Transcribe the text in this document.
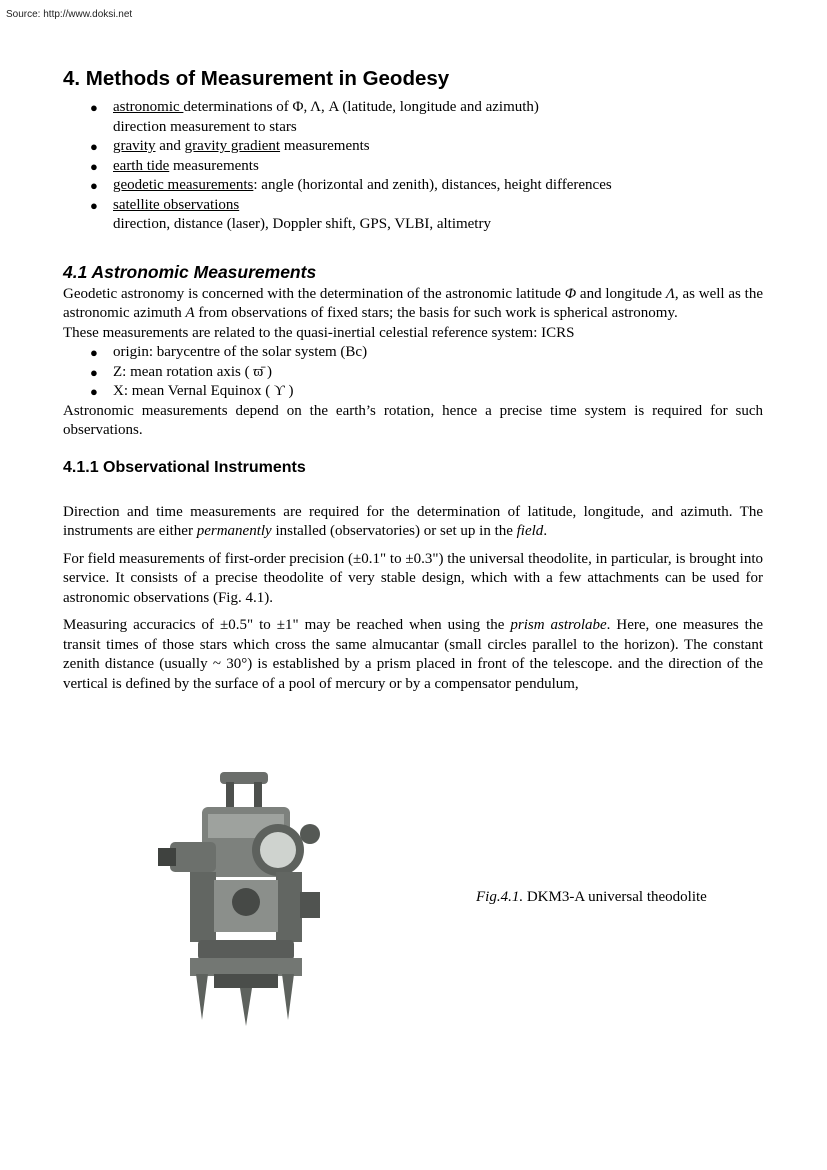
Source: http://www.doksi.net
4. Methods of Measurement in Geodesy
● astronomic determinations of Φ, Λ, A (latitude, longitude and azimuth)
direction measurement to stars
● gravity and gravity gradient measurements
● earth tide measurements
● geodetic measurements: angle (horizontal and zenith), distances, height differences
● satellite observations
direction, distance (laser), Doppler shift, GPS, VLBI, altimetry
4.1 Astronomic Measurements

Geodetic astronomy is concerned with the determination of the astronomic latitude Φ and longitude Λ, as well as the astronomic azimuth A from observations of fixed stars; the basis for such work is spherical astronomy.

These measurements are related to the quasi-inertial celestial reference system: ICRS

● origin: barycentre of the solar system (Bc)
● Z: mean rotation axis ( ϖ̄ )
● X: mean Vernal Equinox ( ϒ )

Astronomic measurements depend on the earth’s rotation, hence a precise time system is required for such observations.

4.1.1 Observational Instruments

Direction and time measurements are required for the determination of latitude, longitude, and azimuth. The instruments are either permanently installed (observatories) or set up in the field.

For field measurements of first-order precision (±0.1" to ±0.3") the universal theodolite, in particular, is brought into service. It consists of a precise theodolite of very stable design, which with a few attachments can be used for astronomic observations (Fig. 4.1).

Measuring accuracics of ±0.5" to ±1" may be reached when using the prism astrolabe. Here, one measures the transit times of those stars which cross the same almucantar (small circles parallel to the horizon). The constant zenith distance (usually ~ 30°) is established by a prism placed in front of the telescope. and the direction of the vertical is defined by the surface of a pool of mercury or by a compensator pendulum,

Fig.4.1. DKM3-A universal theodolite
